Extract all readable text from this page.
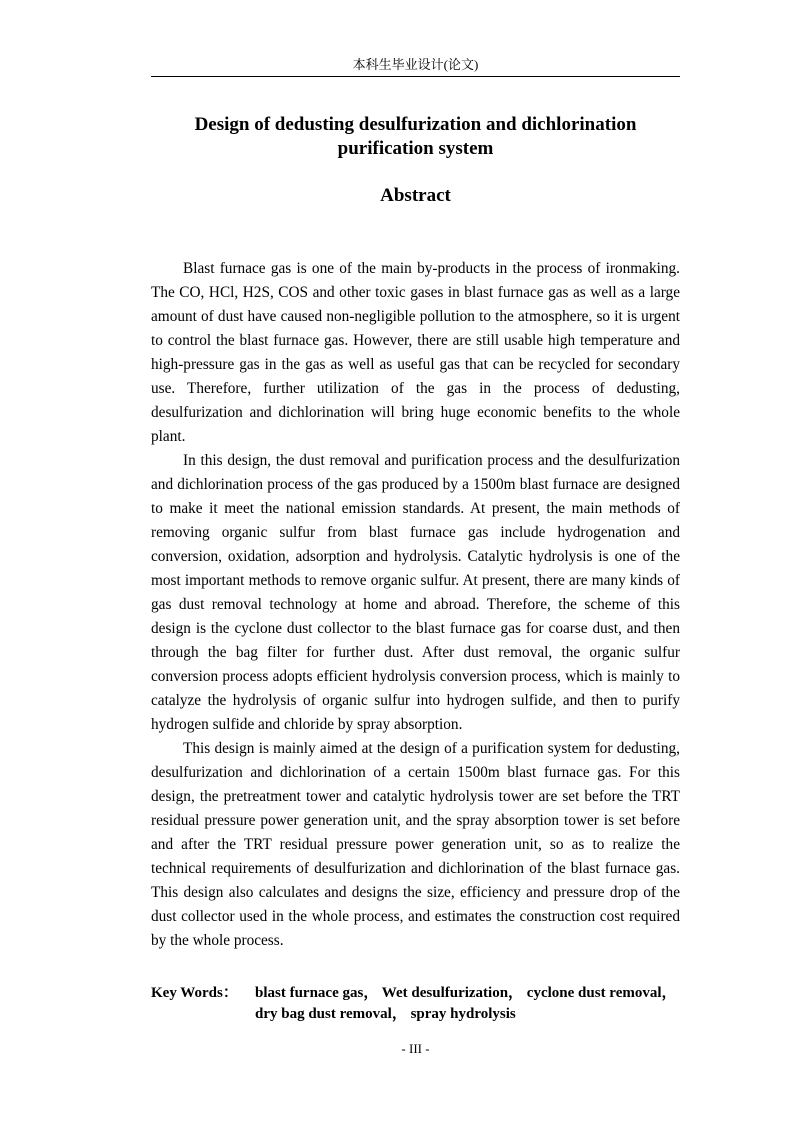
本科生毕业设计(论文)
Design of dedusting desulfurization and dichlorination purification system
Abstract

Blast furnace gas is one of the main by-products in the process of ironmaking. The CO, HCl, H2S, COS and other toxic gases in blast furnace gas as well as a large amount of dust have caused non-negligible pollution to the atmosphere, so it is urgent to control the blast furnace gas. However, there are still usable high temperature and high-pressure gas in the gas as well as useful gas that can be recycled for secondary use. Therefore, further utilization of the gas in the process of dedusting, desulfurization and dichlorination will bring huge economic benefits to the whole plant.

In this design, the dust removal and purification process and the desulfurization and dichlorination process of the gas produced by a 1500m blast furnace are designed to make it meet the national emission standards. At present, the main methods of removing organic sulfur from blast furnace gas include hydrogenation and conversion, oxidation, adsorption and hydrolysis. Catalytic hydrolysis is one of the most important methods to remove organic sulfur. At present, there are many kinds of gas dust removal technology at home and abroad. Therefore, the scheme of this design is the cyclone dust collector to the blast furnace gas for coarse dust, and then through the bag filter for further dust. After dust removal, the organic sulfur conversion process adopts efficient hydrolysis conversion process, which is mainly to catalyze the hydrolysis of organic sulfur into hydrogen sulfide, and then to purify hydrogen sulfide and chloride by spray absorption.

This design is mainly aimed at the design of a purification system for dedusting, desulfurization and dichlorination of a certain 1500m blast furnace gas. For this design, the pretreatment tower and catalytic hydrolysis tower are set before the TRT residual pressure power generation unit, and the spray absorption tower is set before and after the TRT residual pressure power generation unit, so as to realize the technical requirements of desulfurization and dichlorination of the blast furnace gas. This design also calculates and designs the size, efficiency and pressure drop of the dust collector used in the whole process, and estimates the construction cost required by the whole process.

Key Words：	blast furnace gas， Wet desulfurization， cyclone dust removal，dry bag dust removal， spray hydrolysis
- III -
